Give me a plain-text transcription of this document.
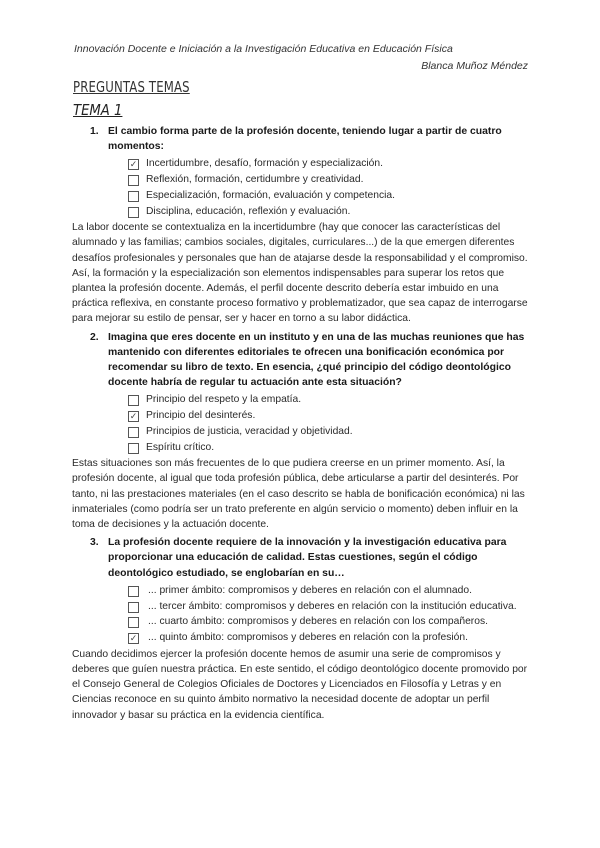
Innovación Docente e Iniciación a la Investigación Educativa en Educación Física
Blanca Muñoz Méndez
PREGUNTAS TEMAS
TEMA 1
1. El cambio forma parte de la profesión docente, teniendo lugar a partir de cuatro momentos:
✓ Incertidumbre, desafío, formación y especialización.
Reflexión, formación, certidumbre y creatividad.
Especialización, formación, evaluación y competencia.
Disciplina, educación, reflexión y evaluación.
La labor docente se contextualiza en la incertidumbre (hay que conocer las características del alumnado y las familias; cambios sociales, digitales, curriculares...) de la que emergen diferentes desafíos profesionales y personales que han de atajarse desde la responsabilidad y el compromiso. Así, la formación y la especialización son elementos indispensables para superar los retos que plantea la profesión docente. Además, el perfil docente descrito debería estar imbuido en una práctica reflexiva, en constante proceso formativo y problematizador, que sea capaz de interrogarse para mejorar su estilo de pensar, ser y hacer en torno a su labor didáctica.
2. Imagina que eres docente en un instituto y en una de las muchas reuniones que has mantenido con diferentes editoriales te ofrecen una bonificación económica por recomendar su libro de texto. En esencia, ¿qué principio del código deontológico docente habría de regular tu actuación ante esta situación?
Principio del respeto y la empatía.
✓ Principio del desinterés.
Principios de justicia, veracidad y objetividad.
Espíritu crítico.
Estas situaciones son más frecuentes de lo que pudiera creerse en un primer momento. Así, la profesión docente, al igual que toda profesión pública, debe articularse a partir del desinterés. Por tanto, ni las prestaciones materiales (en el caso descrito se habla de bonificación económica) ni las inmateriales (como podría ser un trato preferente en algún servicio o momento) deben influir en la toma de decisiones y la actuación docente.
3. La profesión docente requiere de la innovación y la investigación educativa para proporcionar una educación de calidad. Estas cuestiones, según el código deontológico estudiado, se englobarían en su…
... primer ámbito: compromisos y deberes en relación con el alumnado.
... tercer ámbito: compromisos y deberes en relación con la institución educativa.
... cuarto ámbito: compromisos y deberes en relación con los compañeros.
✓ ... quinto ámbito: compromisos y deberes en relación con la profesión.
Cuando decidimos ejercer la profesión docente hemos de asumir una serie de compromisos y deberes que guíen nuestra práctica. En este sentido, el código deontológico docente promovido por el Consejo General de Colegios Oficiales de Doctores y Licenciados en Filosofía y Letras y en Ciencias reconoce en su quinto ámbito normativo la necesidad docente de adoptar un perfil innovador y basar su práctica en la evidencia científica.
